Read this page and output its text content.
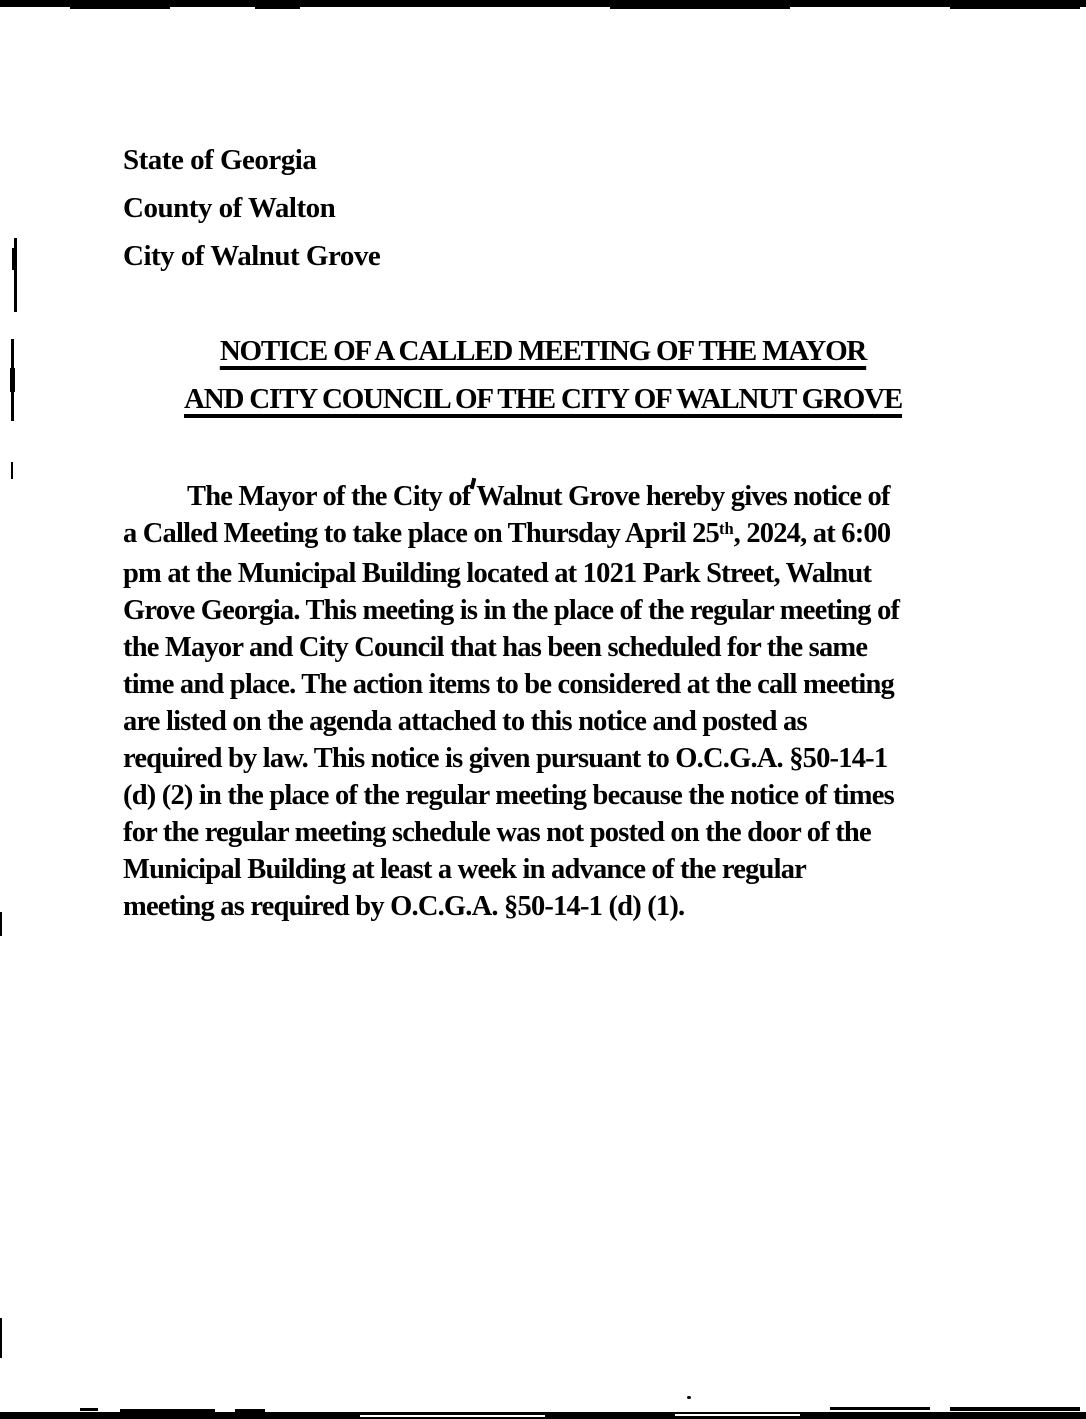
State of Georgia
County of Walton
City of Walnut Grove
NOTICE OF A CALLED MEETING OF THE MAYOR
AND CITY COUNCIL OF THE CITY OF WALNUT GROVE
The Mayor of the City of Walnut Grove hereby gives notice of
a Called Meeting to take place on Thursday April 25th, 2024, at 6:00
pm at the Municipal Building located at 1021 Park Street, Walnut
Grove Georgia. This meeting is in the place of the regular meeting of
the Mayor and City Council that has been scheduled for the same
time and place. The action items to be considered at the call meeting
are listed on the agenda attached to this notice and posted as
required by law. This notice is given pursuant to O.C.G.A. §50-14-1
(d) (2) in the place of the regular meeting because the notice of times
for the regular meeting schedule was not posted on the door of the
Municipal Building at least a week in advance of the regular
meeting as required by O.C.G.A. §50-14-1 (d) (1).
